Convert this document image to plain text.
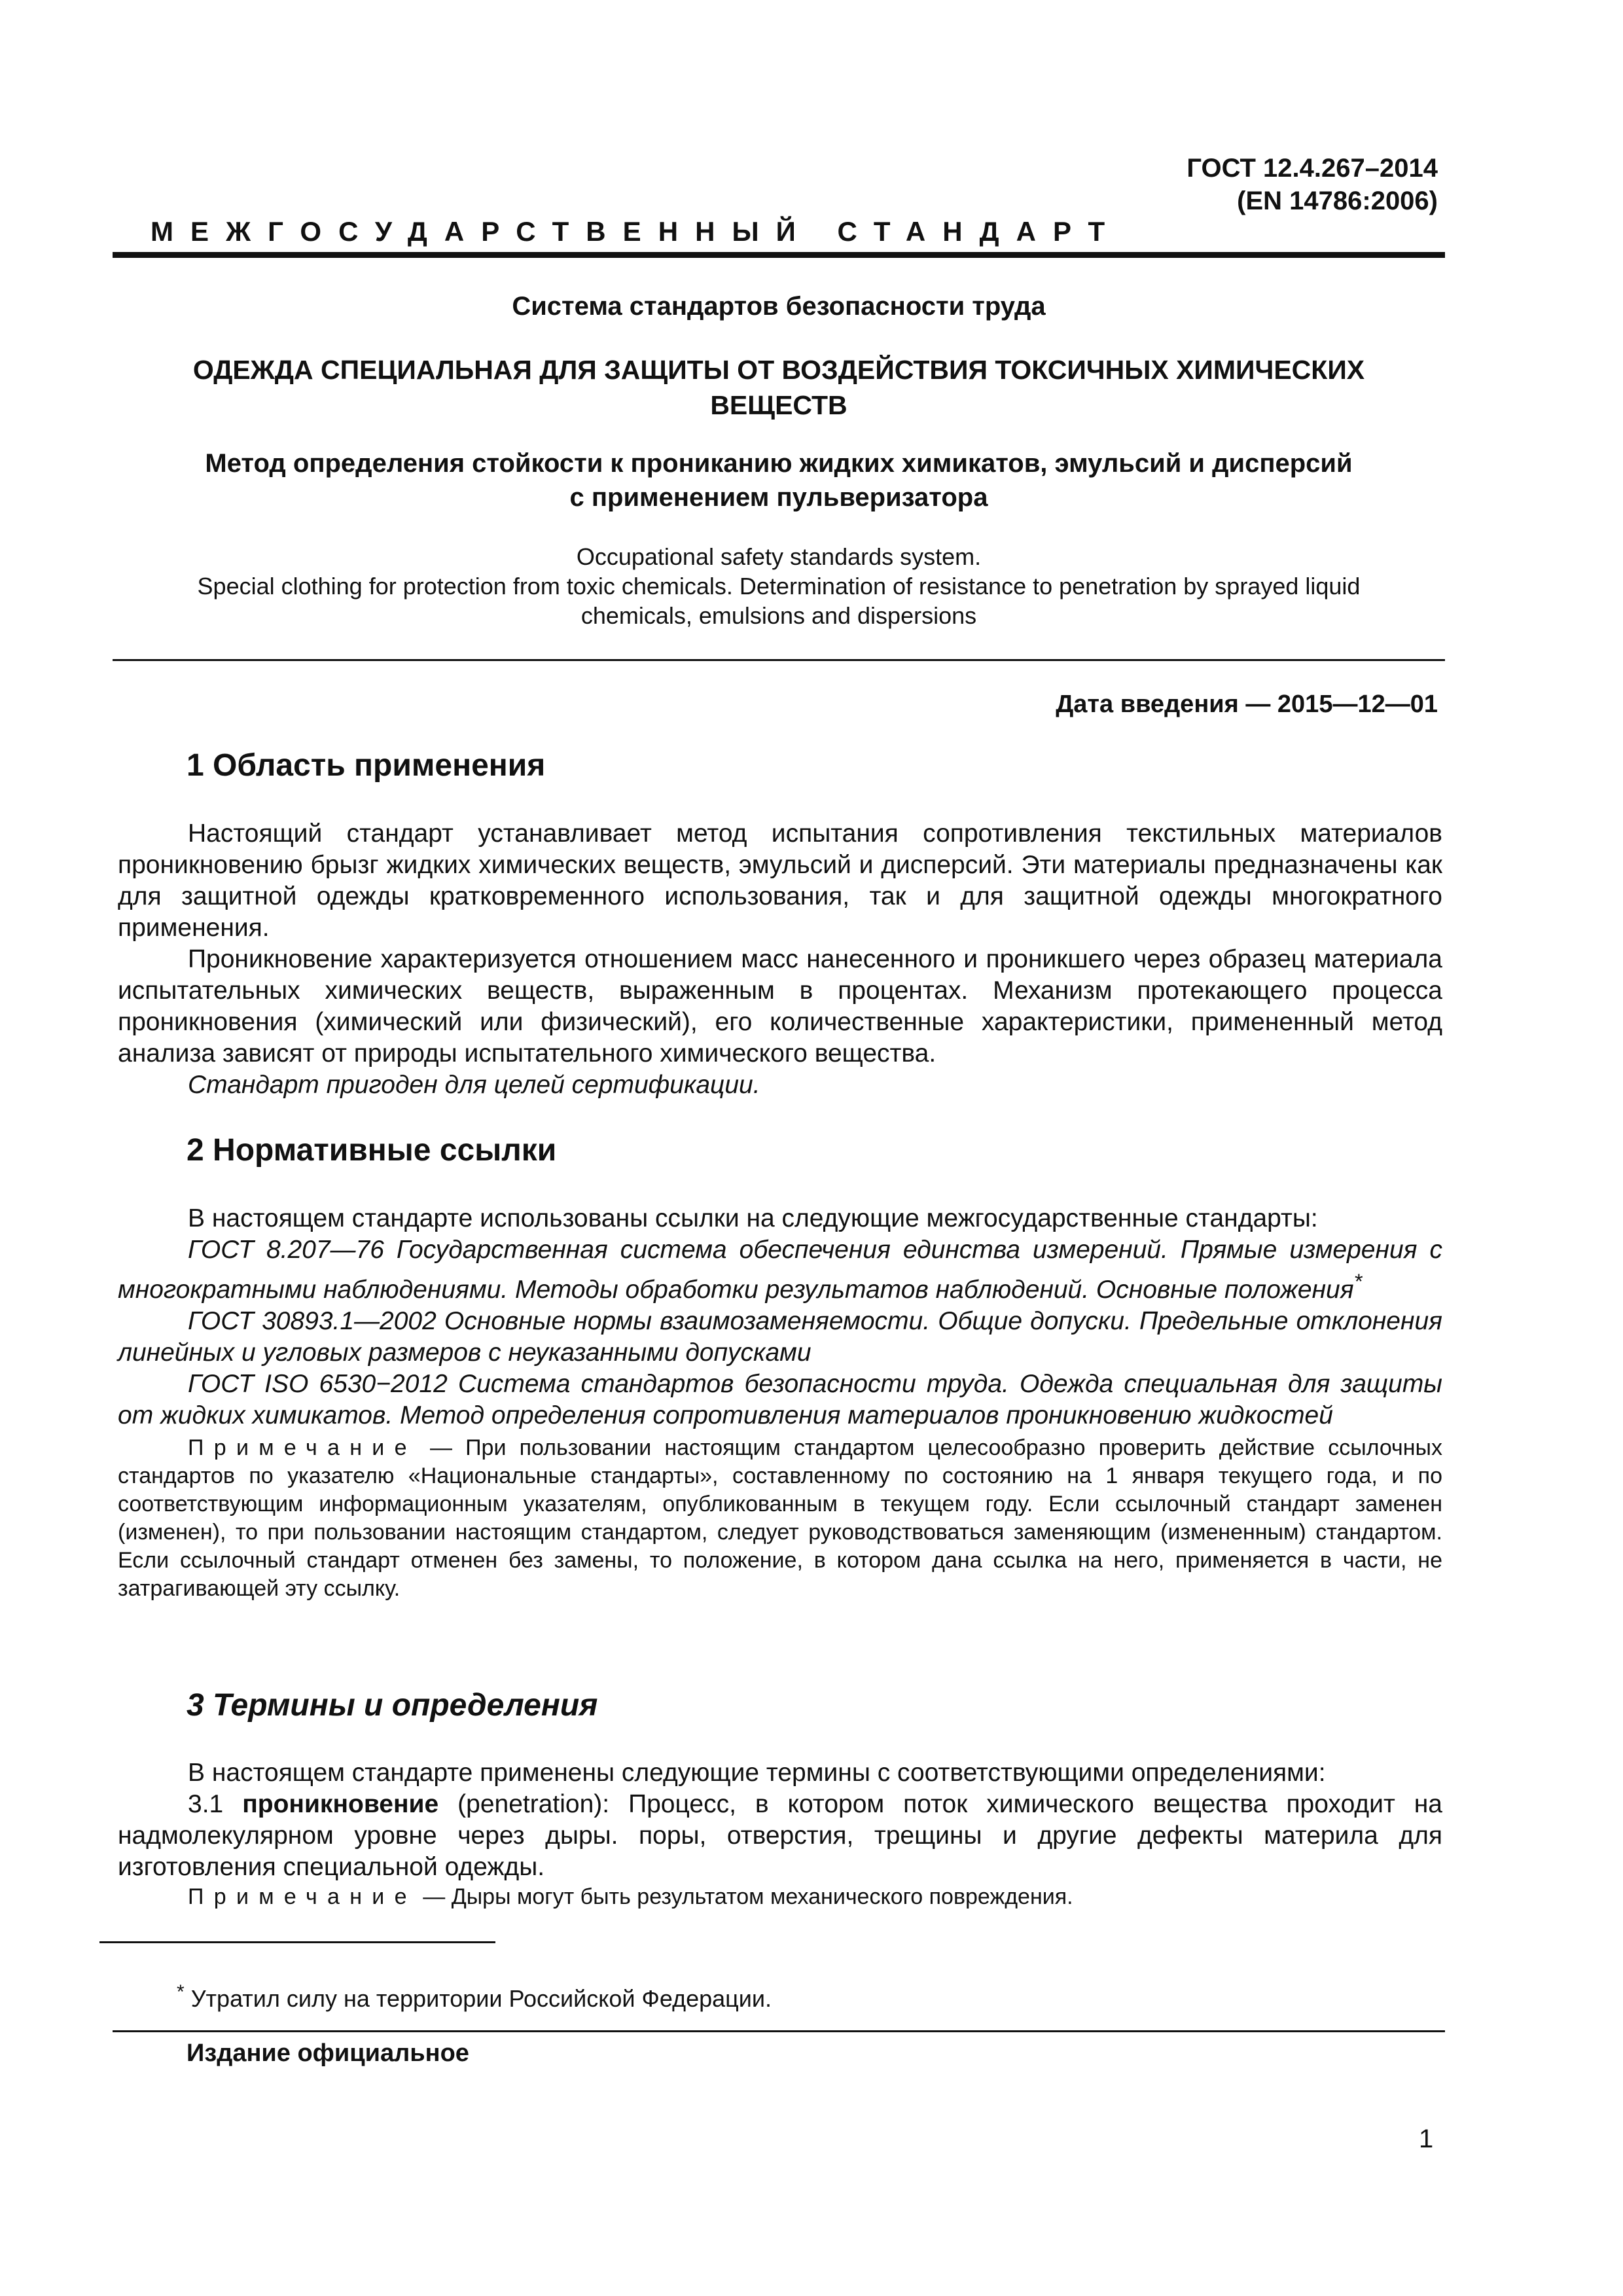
ГОСТ 12.4.267–2014
(EN 14786:2006)
МЕЖГОСУДАРСТВЕННЫЙ СТАНДАРТ
Система стандартов безопасности труда
ОДЕЖДА СПЕЦИАЛЬНАЯ ДЛЯ ЗАЩИТЫ ОТ ВОЗДЕЙСТВИЯ ТОКСИЧНЫХ ХИМИЧЕСКИХ
ВЕЩЕСТВ
Метод определения стойкости к прониканию жидких химикатов, эмульсий и дисперсий
с применением пульверизатора
Occupational safety standards system.
Special clothing for protection from toxic chemicals. Determination of resistance to penetration by sprayed liquid
chemicals, emulsions and dispersions
Дата введения — 2015—12—01
1 Область применения

Настоящий стандарт устанавливает метод испытания сопротивления текстильных материалов проникновению брызг жидких химических веществ, эмульсий и дисперсий. Эти материалы предназначены как для защитной одежды кратковременного использования, так и для защитной одежды многократного применения.

Проникновение характеризуется отношением масс нанесенного и проникшего через образец материала испытательных химических веществ, выраженным в процентах. Механизм протекающего процесса проникновения (химический или физический), его количественные характеристики, примененный метод анализа зависят от природы испытательного химического вещества.

Стандарт пригоден для целей сертификации.

2 Нормативные ссылки

В настоящем стандарте использованы ссылки на следующие межгосударственные стандарты:

ГОСТ 8.207—76 Государственная система обеспечения единства измерений. Прямые измерения с многократными наблюдениями. Методы обработки результатов наблюдений. Основные положения*

ГОСТ 30893.1—2002 Основные нормы взаимозаменяемости. Общие допуски. Предельные отклонения линейных и угловых размеров с неуказанными допусками

ГОСТ ISO 6530−2012 Система стандартов безопасности труда. Одежда специальная для защиты от жидких химикатов. Метод определения сопротивления материалов проникновению жидкостей

Примечание — При пользовании настоящим стандартом целесообразно проверить действие ссылочных стандартов по указателю «Национальные стандарты», составленному по состоянию на 1 января текущего года, и по соответствующим информационным указателям, опубликованным в текущем году. Если ссылочный стандарт заменен (изменен), то при пользовании настоящим стандартом, следует руководствоваться заменяющим (измененным) стандартом. Если ссылочный стандарт отменен без замены, то положение, в котором дана ссылка на него, применяется в части, не затрагивающей эту ссылку.

3 Термины и определения

В настоящем стандарте применены следующие термины с соответствующими определениями:

3.1 проникновение (penetration): Процесс, в котором поток химического вещества проходит на надмолекулярном уровне через дыры. поры, отверстия, трещины и другие дефекты материла для изготовления специальной одежды.

Примечание — Дыры могут быть результатом механического повреждения.

* Утратил силу на территории Российской Федерации.
Издание официальное
1
